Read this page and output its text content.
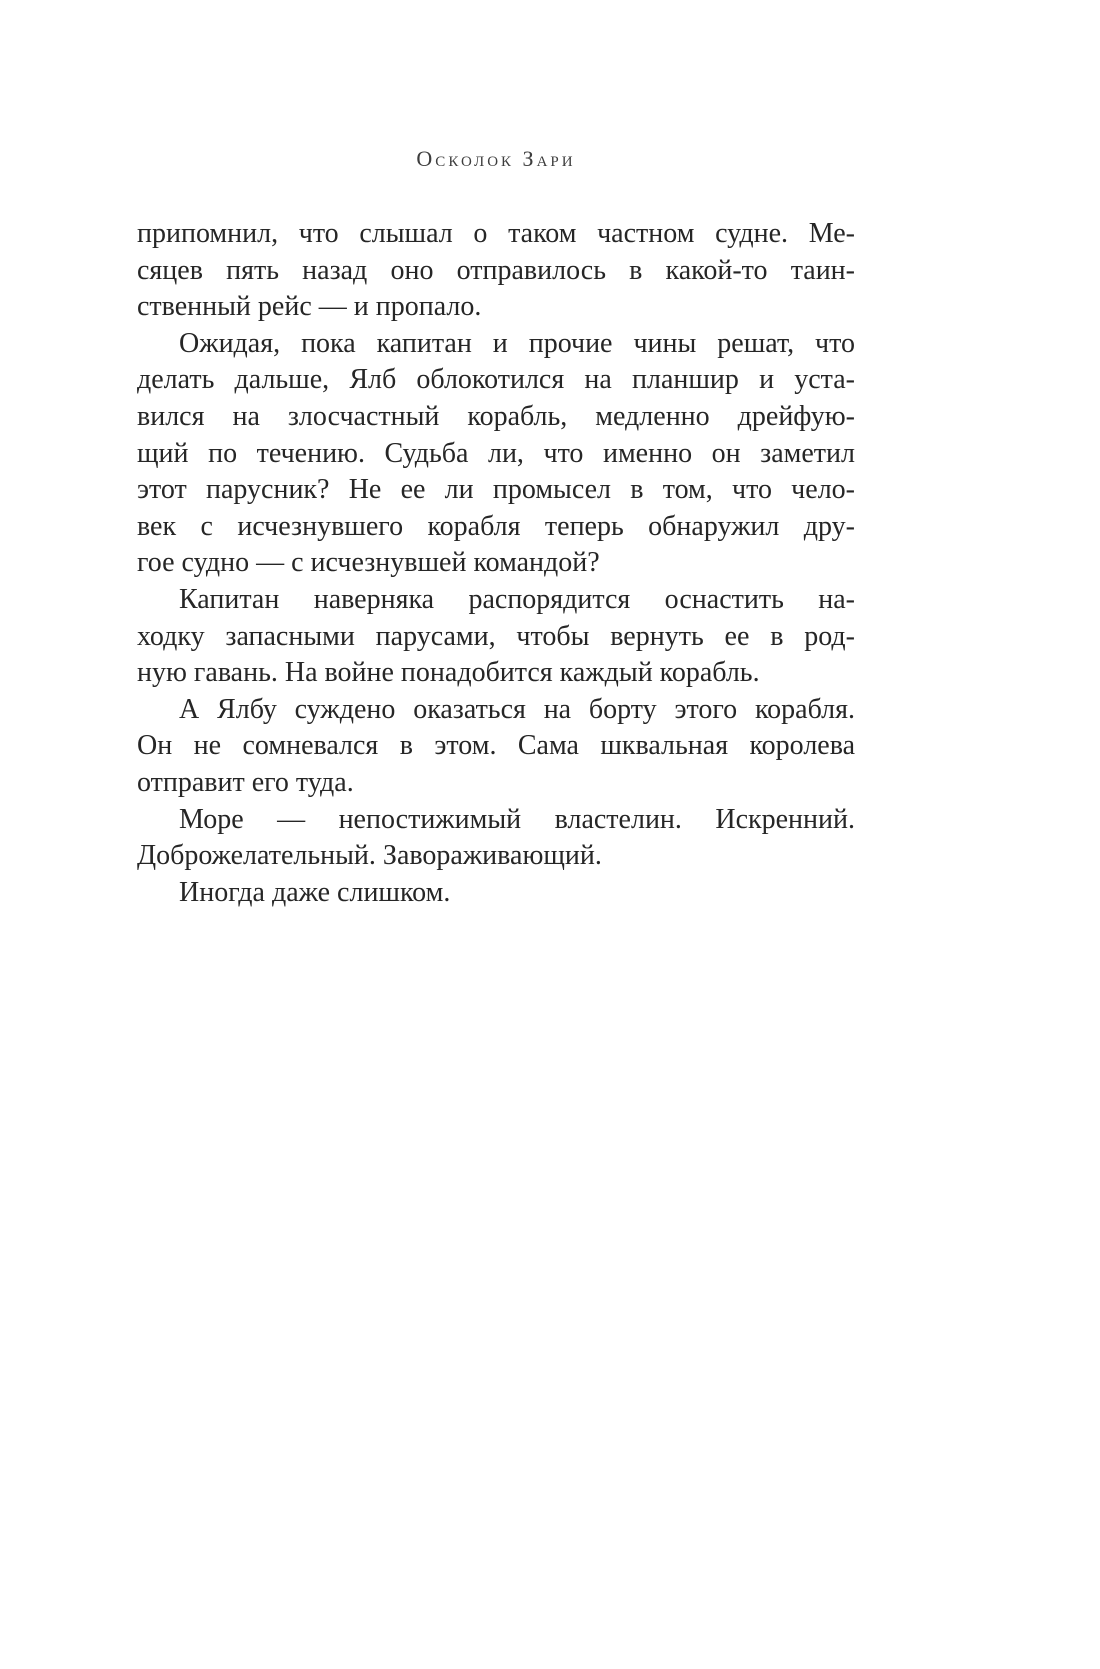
Осколок Зари
припомнил, что слышал о таком частном судне. Ме-
сяцев пять назад оно отправилось в какой-то таин-
ственный рейс — и пропало.
Ожидая, пока капитан и прочие чины решат, что
делать дальше, Ялб облокотился на планшир и уста-
вился на злосчастный корабль, медленно дрейфую-
щий по течению. Судьба ли, что именно он заметил
этот парусник? Не ее ли промысел в том, что чело-
век с исчезнувшего корабля теперь обнаружил дру-
гое судно — с исчезнувшей командой?
Капитан наверняка распорядится оснастить на-
ходку запасными парусами, чтобы вернуть ее в род-
ную гавань. На войне понадобится каждый корабль.
А Ялбу суждено оказаться на борту этого корабля.
Он не сомневался в этом. Сама шквальная королева
отправит его туда.
Море — непостижимый властелин. Искренний.
Доброжелательный. Завораживающий.
Иногда даже слишком.
